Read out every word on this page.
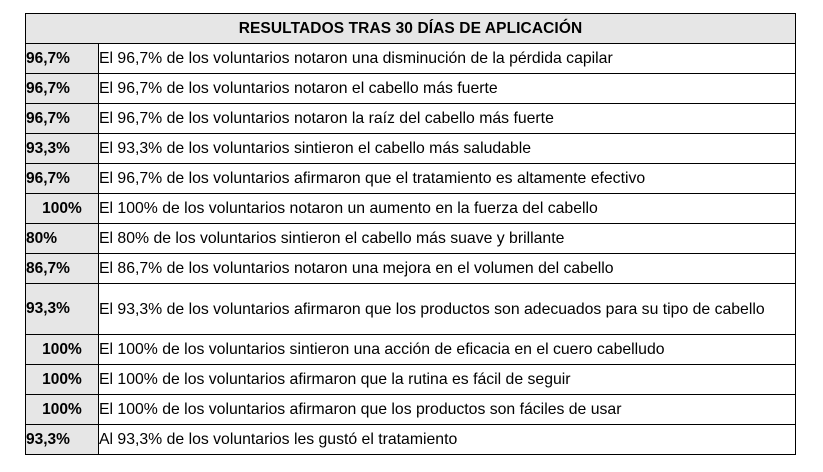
RESULTADOS TRAS 30 DÍAS DE APLICACIÓN	
96,7%	El 96,7% de los voluntarios notaron una disminución de la pérdida capilar
96,7%	El 96,7% de los voluntarios notaron el cabello más fuerte
96,7%	El 96,7% de los voluntarios notaron la raíz del cabello más fuerte
93,3%	El 93,3% de los voluntarios sintieron el cabello más saludable
96,7%	El 96,7% de los voluntarios afirmaron que el tratamiento es altamente efectivo
100%	El 100% de los voluntarios notaron un aumento en la fuerza del cabello
80%	El 80% de los voluntarios sintieron el cabello más suave y brillante
86,7%	El 86,7% de los voluntarios notaron una mejora en el volumen del cabello
93,3%	El 93,3% de los voluntarios afirmaron que los productos son adecuados para su tipo de cabello
100%	El 100% de los voluntarios sintieron una acción de eficacia en el cuero cabelludo
100%	El 100% de los voluntarios afirmaron que la rutina es fácil de seguir
100%	El 100% de los voluntarios afirmaron que los productos son fáciles de usar
93,3%	Al 93,3% de los voluntarios les gustó el tratamiento
